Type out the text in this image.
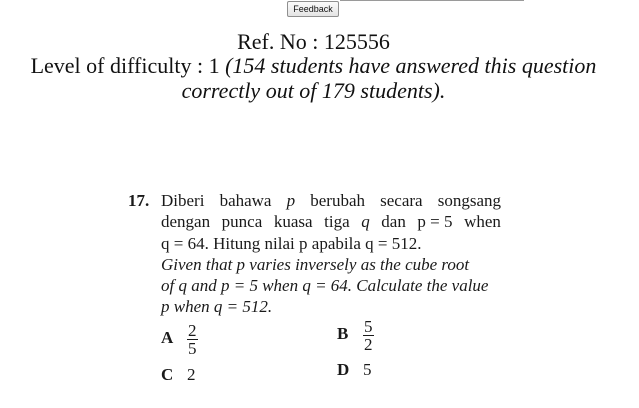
Feedback
Ref. No : 125556
Level of difficulty : 1 (154 students have answered this question
correctly out of 179 students).
17. Diberi bahawa p berubah secara songsang
dengan punca kuasa tiga q dan p = 5 when
q = 64. Hitung nilai p apabila q = 512.
Given that p varies inversely as the cube root
of q and p = 5 when q = 64. Calculate the value
p when q = 512.
A $\frac{2}{5}$	B $\frac{5}{2}$
C 2	D 5
